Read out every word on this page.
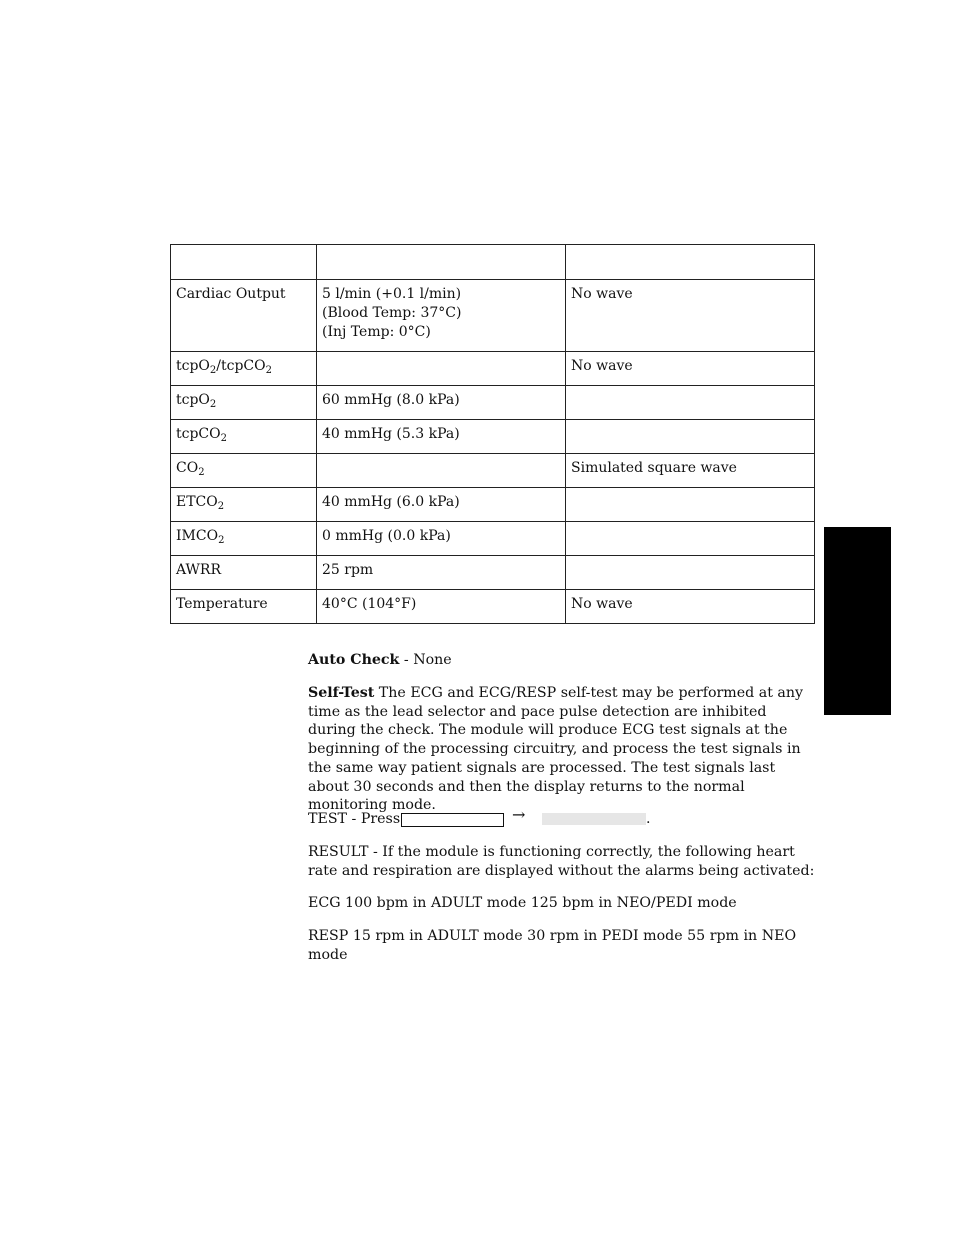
Cardiac Output	5 l/min (+0.1 l/min)
(Blood Temp: 37°C)
(Inj Temp: 0°C)	No wave
tcpO$_2$/tcpCO$_2$		No wave
tcpO$_2$	60 mmHg (8.0 kPa)	
tcpCO$_2$	40 mmHg (5.3 kPa)	
$CO_2$		Simulated square wave
$ETCO_2$	40 mmHg (6.0 kPa)	
$IMCO_2$	0 mmHg (0.0 kPa)	
AWRR	25 rpm	
Temperature	40°C (104°F)	No wave

Auto Check - None

Self-Test The ECG and ECG/RESP self-test may be performed at any time as the lead selector and pace pulse detection are inhibited during the check. The module will produce ECG test signals at the beginning of the processing circuitry, and process the test signals in the same way patient signals are processed. The test signals last about 30 seconds and then the display returns to the normal monitoring mode.

TEST - Press	→	.

RESULT - If the module is functioning correctly, the following heart rate and respiration are displayed without the alarms being activated:

ECG 100 bpm in ADULT mode 125 bpm in NEO/PEDI mode

RESP 15 rpm in ADULT mode 30 rpm in PEDI mode 55 rpm in NEO mode
